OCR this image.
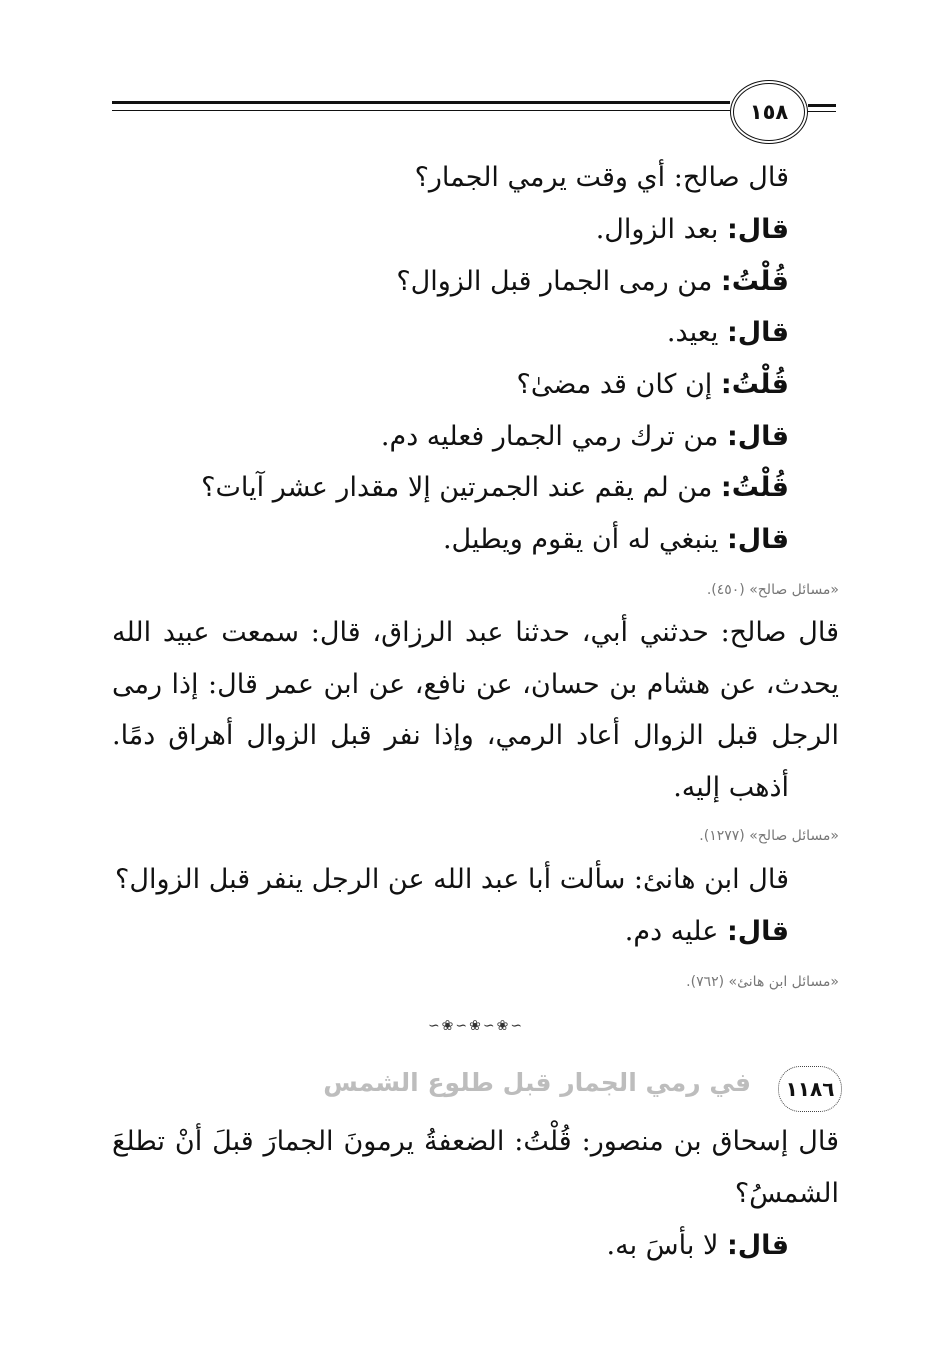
١٥٨
قال صالح: أي وقت يرمي الجمار؟
قال: بعد الزوال.
قُلْتُ: من رمى الجمار قبل الزوال؟
قال: يعيد.
قُلْتُ: إن كان قد مضىٰ؟
قال: من ترك رمي الجمار فعليه دم.
قُلْتُ: من لم يقم عند الجمرتين إلا مقدار عشر آيات؟
قال: ينبغي له أن يقوم ويطيل.
«مسائل صالح» (٤٥٠).
قال صالح: حدثني أبي، حدثنا عبد الرزاق، قال: سمعت عبيد الله
يحدث، عن هشام بن حسان، عن نافع، عن ابن عمر قال: إذا رمى
الرجل قبل الزوال أعاد الرمي، وإذا نفر قبل الزوال أهراق دمًا.
أذهب إليه.
«مسائل صالح» (١٢٧٧).
قال ابن هانئ: سألت أبا عبد الله عن الرجل ينفر قبل الزوال؟
قال: عليه دم.
«مسائل ابن هانئ» (٧٦٢).
∽❀∽❀∽❀∽
١١٨٦
في رمي الجمار قبل طلوع الشمس
قال إسحاق بن منصور: قُلْتُ: الضعفةُ يرمونَ الجمارَ قبلَ أنْ تطلعَ
الشمسُ؟
قال: لا بأسَ به.
